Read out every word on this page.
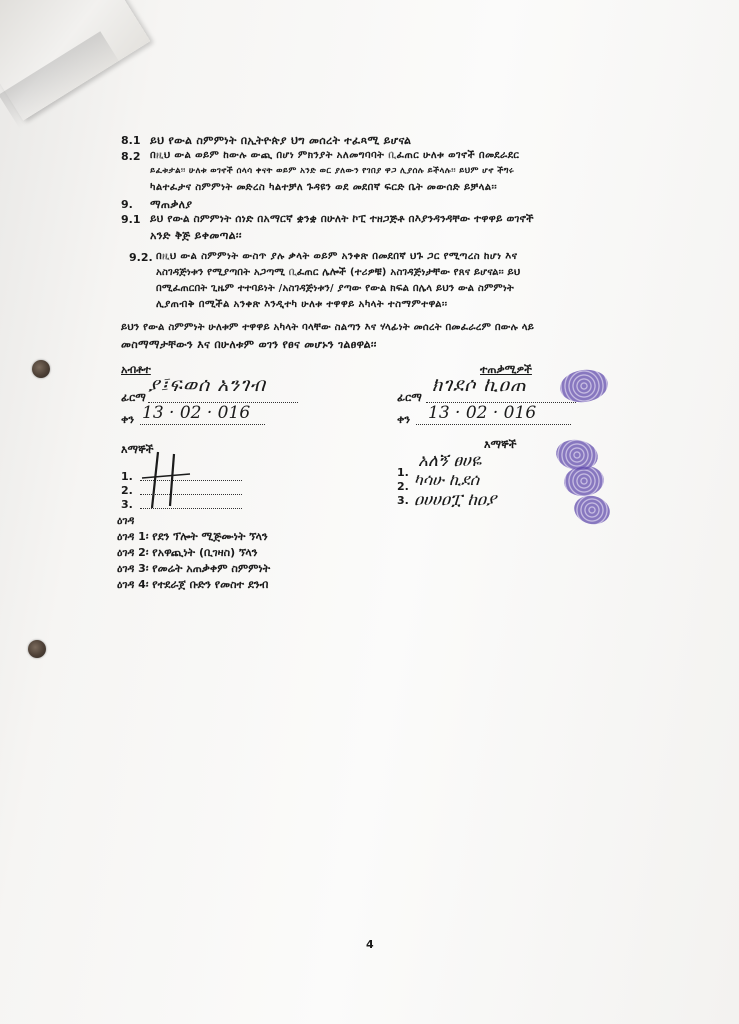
8.1 ይህ የውል ስምምነት በኢትዮጵያ ህግ መሰረት ተፈጻሚ ይሆናል
8.2 በዚህ ውል ወይም ከውሉ ውጪ በሆነ ምክንያት አለመግባባት ቢፈጠር ሁለቱ ወገኖች በመደራደር
ይፈቱታል፡፡ ሁለቱ ወገኖች ሰላሳ ቀናት ወይም አንድ ወር ያለውን የገበያ ዋጋ ሊያሰሉ ይችላሉ፡፡ ይህም ሆኖ ችግሩ
ካልተፈታና ስምምነት መድረስ ካልተቻለ ጉዳዩን ወደ መደበኛ ፍርድ ቤት መውሰድ ይቻላል፡፡
9. ማጠቃለያ
9.1 ይህ የውል ስምምነት ሰነድ በአማርኛ ቋንቋ በሁለት ኮፒ ተዘጋጅቶ በእያንዳንዳቸው ተዋዋይ ወገኖች
አንድ ቅጅ ይቀመጣል፡፡
9.2. በዚህ ውል ስምምነት ውስጥ ያሉ ቃላት ወይም አንቀጽ በመደበኛ ህጉ ጋር የሚጣረስ ከሆነ እና
አስገዳጅነቱን የሚያጣበት አጋጣሚ ቢፈጠር ሌሎች (ተሪዎቹ) አስገዳጅነታቸው የጸና ይሆናል፡፡ ይህ
በሚፈጠርበት ጊዜም ተተባይነት /አስገዳጅነቱን/ ያጣው የውል ክፍል በሌላ ይህን ውል ስምምነት
ሊያጠብቅ በሚችል አንቀጽ እንዲተካ ሁለቱ ተዋዋይ አካላት ተስማምተዋል፡፡
ይህን የውል ስምምነት ሁለቱም ተዋዋይ አካላት ባላቸው ስልጣን እና ሃላፊነት መሰረት በመፈራረም በውሉ ላይ
መስማማታቸውን እና በሁለቱም ወገን የፀና መሆኑን ገልፀዋል፡፡
አብቶተ
ፊርማ
ያ፤ፍወሰ አንገብ
ቀን 13 · 02 · 016
እማኞች
1.
2.
3.
ዕገዳ
ዕገዳ 1፡ የደን ፕሎት ሚጅሙነት ኘላን
ዕገዳ 2፡ የአዋጪነት (ቢገዛስ) ኘላን
ዕገዳ 3፡ የመሬት አጠቃቀም ስምምነት
ዕገዳ 4፡ የተደራጀ ቡድን የመስተ ደንብ
ተጠቃሚዎች
ፊርማ
ክገደሶ ኪዐጠ
ቀን 13 · 02 · 016
እማኞች
1.
2.
3.
አለኝ ፀሀዬ
ካሳሁ ኪደሰ
ዐሀሀዐፗ ከዐያ
4
